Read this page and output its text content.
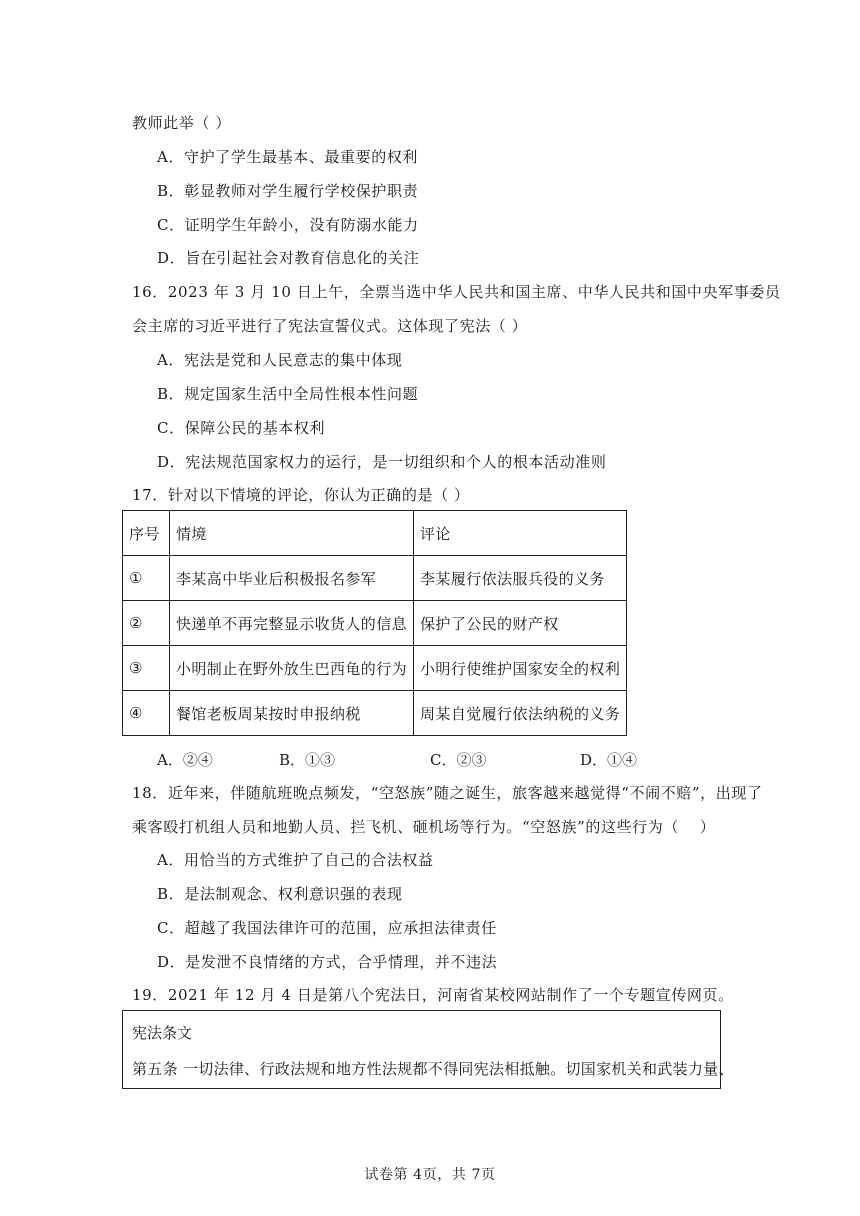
教师此举（ ）
A．守护了学生最基本、最重要的权利
B．彰显教师对学生履行学校保护职责
C．证明学生年龄小，没有防溺水能力
D．旨在引起社会对教育信息化的关注
16．2023 年 3 月 10 日上午，全票当选中华人民共和国主席、中华人民共和国中央军事委员
会主席的习近平进行了宪法宣誓仪式。这体现了宪法（ ）
A．宪法是党和人民意志的集中体现
B．规定国家生活中全局性根本性问题
C．保障公民的基本权利
D．宪法规范国家权力的运行，是一切组织和个人的根本活动准则
17．针对以下情境的评论，你认为正确的是（ ）
序号	情境	评论
①	李某高中毕业后积极报名参军	李某履行依法服兵役的义务
②	快递单不再完整显示收货人的信息	保护了公民的财产权
③	小明制止在野外放生巴西龟的行为	小明行使维护国家安全的权利
④	餐馆老板周某按时申报纳税	周某自觉履行依法纳税的义务
A．②④	B．①③	C．②③	D．①④
18．近年来，伴随航班晚点频发，“空怒族”随之诞生，旅客越来越觉得“不闹不赔”，出现了
乘客殴打机组人员和地勤人员、拦飞机、砸机场等行为。“空怒族”的这些行为（　 ）
A．用恰当的方式维护了自己的合法权益
B．是法制观念、权利意识强的表现
C．超越了我国法律许可的范围，应承担法律责任
D．是发泄不良情绪的方式，合乎情理，并不违法
19．2021 年 12 月 4 日是第八个宪法日，河南省某校网站制作了一个专题宣传网页。
宪法条文
第五条 一切法律、行政法规和地方性法规都不得同宪法相抵触。切国家机关和武装力量、
试卷第 4页，共 7页
